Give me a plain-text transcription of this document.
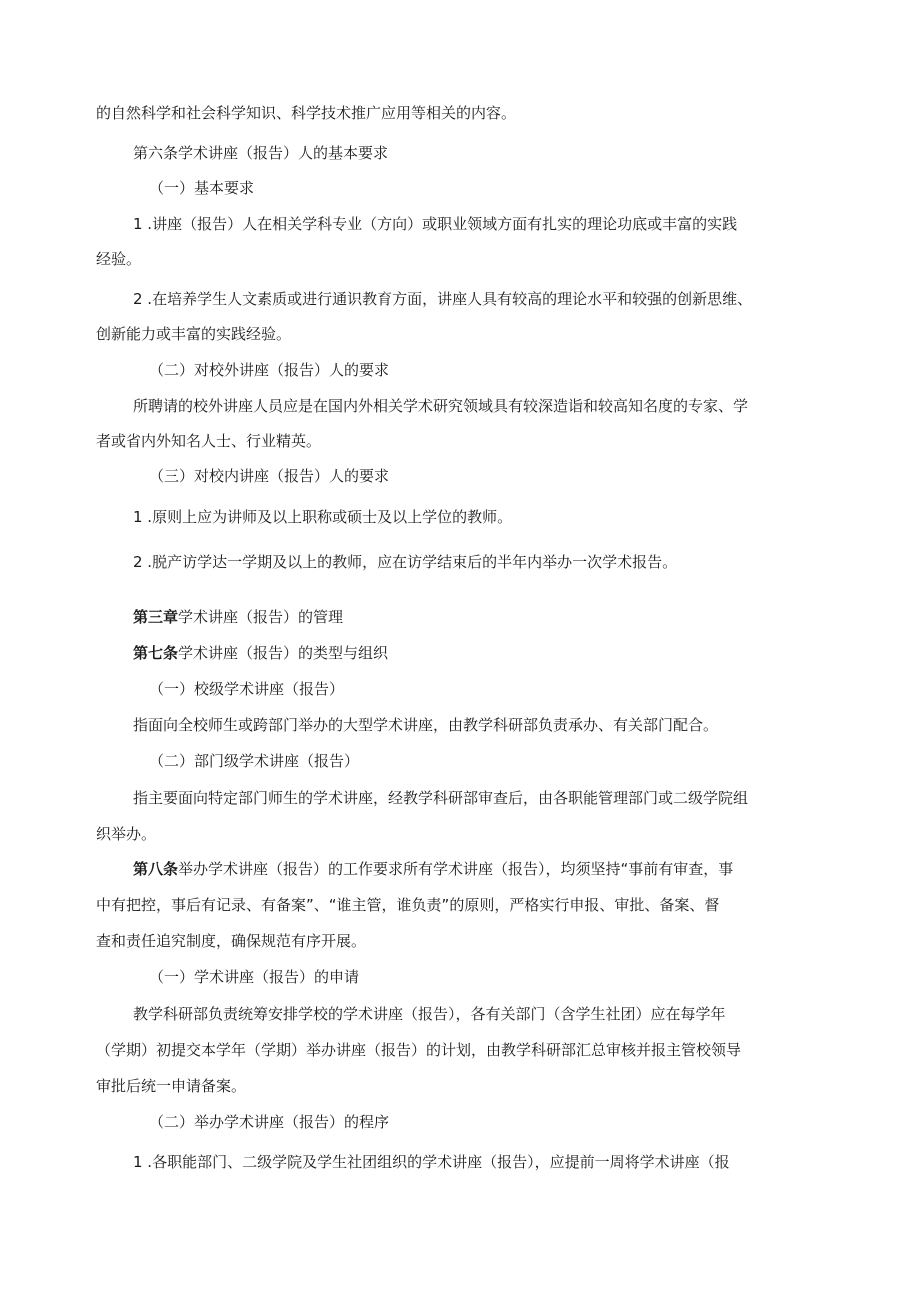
的自然科学和社会科学知识、科学技术推广应用等相关的内容。
第六条学术讲座（报告）人的基本要求
（一）基本要求
1 .讲座（报告）人在相关学科专业（方向）或职业领域方面有扎实的理论功底或丰富的实践
经验。
2 .在培养学生人文素质或进行通识教育方面，讲座人具有较高的理论水平和较强的创新思维、
创新能力或丰富的实践经验。
（二）对校外讲座（报告）人的要求
所聘请的校外讲座人员应是在国内外相关学术研究领域具有较深造诣和较高知名度的专家、学
者或省内外知名人士、行业精英。
（三）对校内讲座（报告）人的要求
1 .原则上应为讲师及以上职称或硕士及以上学位的教师。
2 .脱产访学达一学期及以上的教师，应在访学结束后的半年内举办一次学术报告。
第三章学术讲座（报告）的管理
第七条学术讲座（报告）的类型与组织
（一）校级学术讲座（报告）
指面向全校师生或跨部门举办的大型学术讲座，由教学科研部负责承办、有关部门配合。
（二）部门级学术讲座（报告）
指主要面向特定部门师生的学术讲座，经教学科研部审查后，由各职能管理部门或二级学院组
织举办。
第八条举办学术讲座（报告）的工作要求所有学术讲座（报告），均须坚持“事前有审查，事
中有把控，事后有记录、有备案”、“谁主管，谁负责”的原则，严格实行申报、审批、备案、督
查和责任追究制度，确保规范有序开展。
（一）学术讲座（报告）的申请
教学科研部负责统筹安排学校的学术讲座（报告），各有关部门（含学生社团）应在每学年
（学期）初提交本学年（学期）举办讲座（报告）的计划，由教学科研部汇总审核并报主管校领导
审批后统一申请备案。
（二）举办学术讲座（报告）的程序
1 .各职能部门、二级学院及学生社团组织的学术讲座（报告），应提前一周将学术讲座（报
